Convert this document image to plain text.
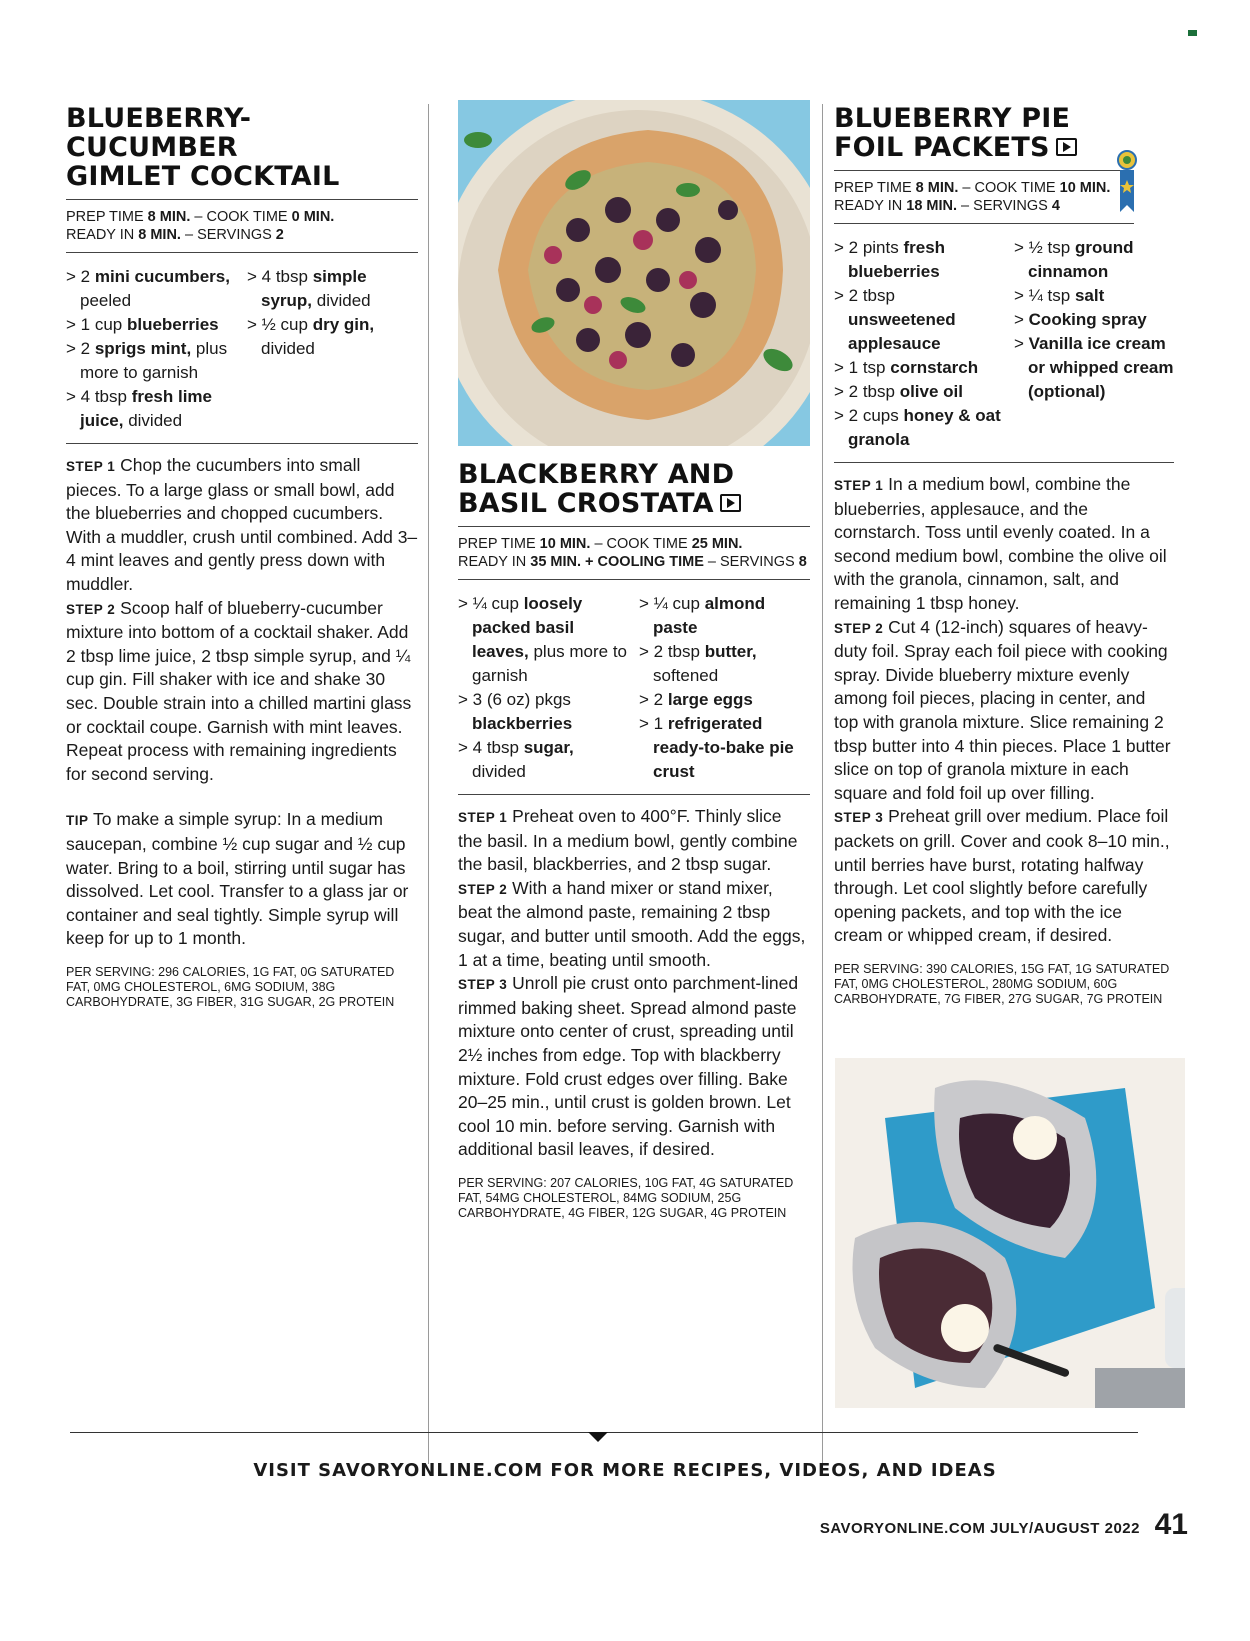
BLUEBERRY-CUCUMBER
GIMLET COCKTAIL
PREP TIME 8 MIN. – COOK TIME 0 MIN.
READY IN 8 MIN. – SERVINGS 2
> 2 mini cucumbers, peeled
> 1 cup blueberries
> 2 sprigs mint, plus more to garnish
> 4 tbsp fresh lime juice, divided
> 4 tbsp simple syrup, divided
> ½ cup dry gin, divided

STEP 1 Chop the cucumbers into small pieces. To a large glass or small bowl, add the blueberries and chopped cucumbers. With a muddler, crush until combined. Add 3–4 mint leaves and gently press down with muddler.

STEP 2 Scoop half of blueberry-cucumber mixture into bottom of a cocktail shaker. Add 2 tbsp lime juice, 2 tbsp simple syrup, and ¼ cup gin. Fill shaker with ice and shake 30 sec. Double strain into a chilled martini glass or cocktail coupe. Garnish with mint leaves. Repeat process with remaining ingredients for second serving.

TIP To make a simple syrup: In a medium saucepan, combine ½ cup sugar and ½ cup water. Bring to a boil, stirring until sugar has dissolved. Let cool. Transfer to a glass jar or container and seal tightly. Simple syrup will keep for up to 1 month.

PER SERVING: 296 CALORIES, 1G FAT, 0G SATURATED FAT, 0MG CHOLESTEROL, 6MG SODIUM, 38G CARBOHYDRATE, 3G FIBER, 31G SUGAR, 2G PROTEIN
BLACKBERRY AND
BASIL CROSTATA
PREP TIME 10 MIN. – COOK TIME 25 MIN.
READY IN 35 MIN. + COOLING TIME – SERVINGS 8
> ¼ cup loosely packed basil leaves, plus more to garnish
> 3 (6 oz) pkgs blackberries
> 4 tbsp sugar, divided
> ¼ cup almond paste
> 2 tbsp butter, softened
> 2 large eggs
> 1 refrigerated ready-to-bake pie crust

STEP 1 Preheat oven to 400°F. Thinly slice the basil. In a medium bowl, gently combine the basil, blackberries, and 2 tbsp sugar.

STEP 2 With a hand mixer or stand mixer, beat the almond paste, remaining 2 tbsp sugar, and butter until smooth. Add the eggs, 1 at a time, beating until smooth.

STEP 3 Unroll pie crust onto parchment-lined rimmed baking sheet. Spread almond paste mixture onto center of crust, spreading until 2½ inches from edge. Top with blackberry mixture. Fold crust edges over filling. Bake 20–25 min., until crust is golden brown. Let cool 10 min. before serving. Garnish with additional basil leaves, if desired.

PER SERVING: 207 CALORIES, 10G FAT, 4G SATURATED FAT, 54MG CHOLESTEROL, 84MG SODIUM, 25G CARBOHYDRATE, 4G FIBER, 12G SUGAR, 4G PROTEIN
BLUEBERRY PIE
FOIL PACKETS
PREP TIME 8 MIN. – COOK TIME 10 MIN.
READY IN 18 MIN. – SERVINGS 4
> 2 pints fresh blueberries
> 2 tbsp unsweetened applesauce
> 1 tsp cornstarch
> 2 tbsp olive oil
> 2 cups honey & oat granola
> ½ tsp ground cinnamon
> ¼ tsp salt
> Cooking spray
> Vanilla ice cream or whipped cream (optional)

STEP 1 In a medium bowl, combine the blueberries, applesauce, and the cornstarch. Toss until evenly coated. In a second medium bowl, combine the olive oil with the granola, cinnamon, salt, and remaining 1 tbsp honey.

STEP 2 Cut 4 (12-inch) squares of heavy-duty foil. Spray each foil piece with cooking spray. Divide blueberry mixture evenly among foil pieces, placing in center, and top with granola mixture. Slice remaining 2 tbsp butter into 4 thin pieces. Place 1 butter slice on top of granola mixture in each square and fold foil up over filling.

STEP 3 Preheat grill over medium. Place foil packets on grill. Cover and cook 8–10 min., until berries have burst, rotating halfway through. Let cool slightly before carefully opening packets, and top with the ice cream or whipped cream, if desired.

PER SERVING: 390 CALORIES, 15G FAT, 1G SATURATED FAT, 0MG CHOLESTEROL, 280MG SODIUM, 60G CARBOHYDRATE, 7G FIBER, 27G SUGAR, 7G PROTEIN
VISIT SAVORYONLINE.COM FOR MORE RECIPES, VIDEOS, AND IDEAS
SAVORYONLINE.COM JULY/AUGUST 2022 41
